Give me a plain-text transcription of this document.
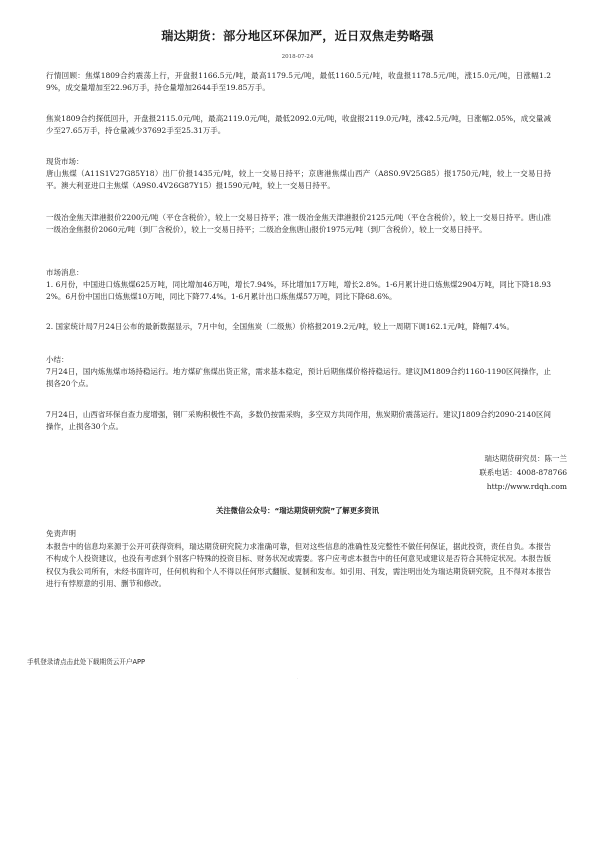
瑞达期货：部分地区环保加严，近日双焦走势略强
2018-07-24

行情回顾：焦煤1809合约震荡上行，开盘报1166.5元/吨，最高1179.5元/吨，最低1160.5元/吨，收盘报1178.5元/吨，涨15.0元/吨，日涨幅1.29%，成交量增加至22.96万手，持仓量增加2644手至19.85万手。

焦炭1809合约探低回升，开盘报2115.0元/吨，最高2119.0元/吨，最低2092.0元/吨，收盘报2119.0元/吨，涨42.5元/吨，日涨幅2.05%，成交量减少至27.65万手，持仓量减少37692手至25.31万手。

现货市场：

唐山焦煤（A11S1V27G85Y18）出厂价报1435元/吨，较上一交易日持平；京唐港焦煤山西产（A8S0.9V25G85）报1750元/吨，较上一交易日持平。澳大利亚进口主焦煤（A9S0.4V26G87Y15）报1590元/吨，较上一交易日持平。

一级冶金焦天津港报价2200元/吨（平仓含税价），较上一交易日持平；准一级冶金焦天津港报价2125元/吨（平仓含税价），较上一交易日持平。唐山准一级冶金焦报价2060元/吨（到厂含税价），较上一交易日持平；二级冶金焦唐山报价1975元/吨（到厂含税价），较上一交易日持平。

市场消息：

1. 6月份，中国进口炼焦煤625万吨，同比增加46万吨，增长7.94%，环比增加17万吨，增长2.8%。1-6月累计进口炼焦煤2904万吨，同比下降18.932%。6月份中国出口炼焦煤10万吨，同比下降77.4%。1-6月累计出口炼焦煤57万吨，同比下降68.6%。

2. 国家统计局7月24日公布的最新数据显示，7月中旬，全国焦炭（二级焦）价格报2019.2元/吨，较上一周期下调162.1元/吨，降幅7.4%。

小结：

7月24日，国内炼焦煤市场持稳运行。地方煤矿焦煤出货正常，需求基本稳定，预计后期焦煤价格持稳运行。建议JM1809合约1160-1190区间操作，止损各20个点。

7月24日，山西省环保自查力度增强，钢厂采购积极性不高，多数仍按需采购，多空双方共同作用，焦炭期价震荡运行。建议J1809合约2090-2140区间操作，止损各30个点。

瑞达期货研究员：陈一兰
联系电话：4008-878766
http://www.rdqh.com
关注微信公众号：“瑞达期货研究院”了解更多资讯

免责声明

本报告中的信息均来源于公开可获得资料，瑞达期货研究院力求准确可靠，但对这些信息的准确性及完整性不做任何保证，据此投资，责任自负。本报告不构成个人投资建议，也没有考虑到个别客户特殊的投资目标、财务状况或需要。客户应考虑本报告中的任何意见或建议是否符合其特定状况。本报告版权仅为我公司所有，未经书面许可，任何机构和个人不得以任何形式翻版、复制和发布。如引用、刊发，需注明出处为瑞达期货研究院，且不得对本报告进行有悖原意的引用、删节和修改。

手机登录请点击此处下载期货云开户APP
·
